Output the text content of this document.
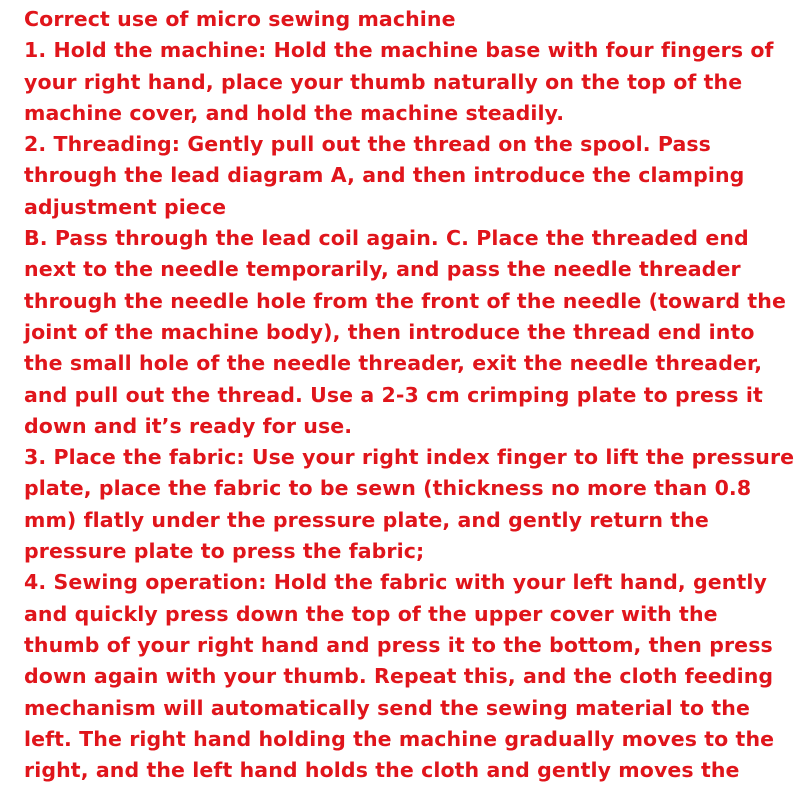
Correct use of micro sewing machine
1. Hold the machine: Hold the machine base with four fingers of
your right hand, place your thumb naturally on the top of the
machine cover, and hold the machine steadily.
2. Threading: Gently pull out the thread on the spool. Pass
through the lead diagram A, and then introduce the clamping
adjustment piece
B. Pass through the lead coil again. C. Place the threaded end
next to the needle temporarily, and pass the needle threader
through the needle hole from the front of the needle (toward the
joint of the machine body), then introduce the thread end into
the small hole of the needle threader, exit the needle threader,
and pull out the thread. Use a 2-3 cm crimping plate to press it
down and it’s ready for use.
3. Place the fabric: Use your right index finger to lift the pressure
plate, place the fabric to be sewn (thickness no more than 0.8
mm) flatly under the pressure plate, and gently return the
pressure plate to press the fabric;
4. Sewing operation: Hold the fabric with your left hand, gently
and quickly press down the top of the upper cover with the
thumb of your right hand and press it to the bottom, then press
down again with your thumb. Repeat this, and the cloth feeding
mechanism will automatically send the sewing material to the
left. The right hand holding the machine gradually moves to the
right, and the left hand holds the cloth and gently moves the
